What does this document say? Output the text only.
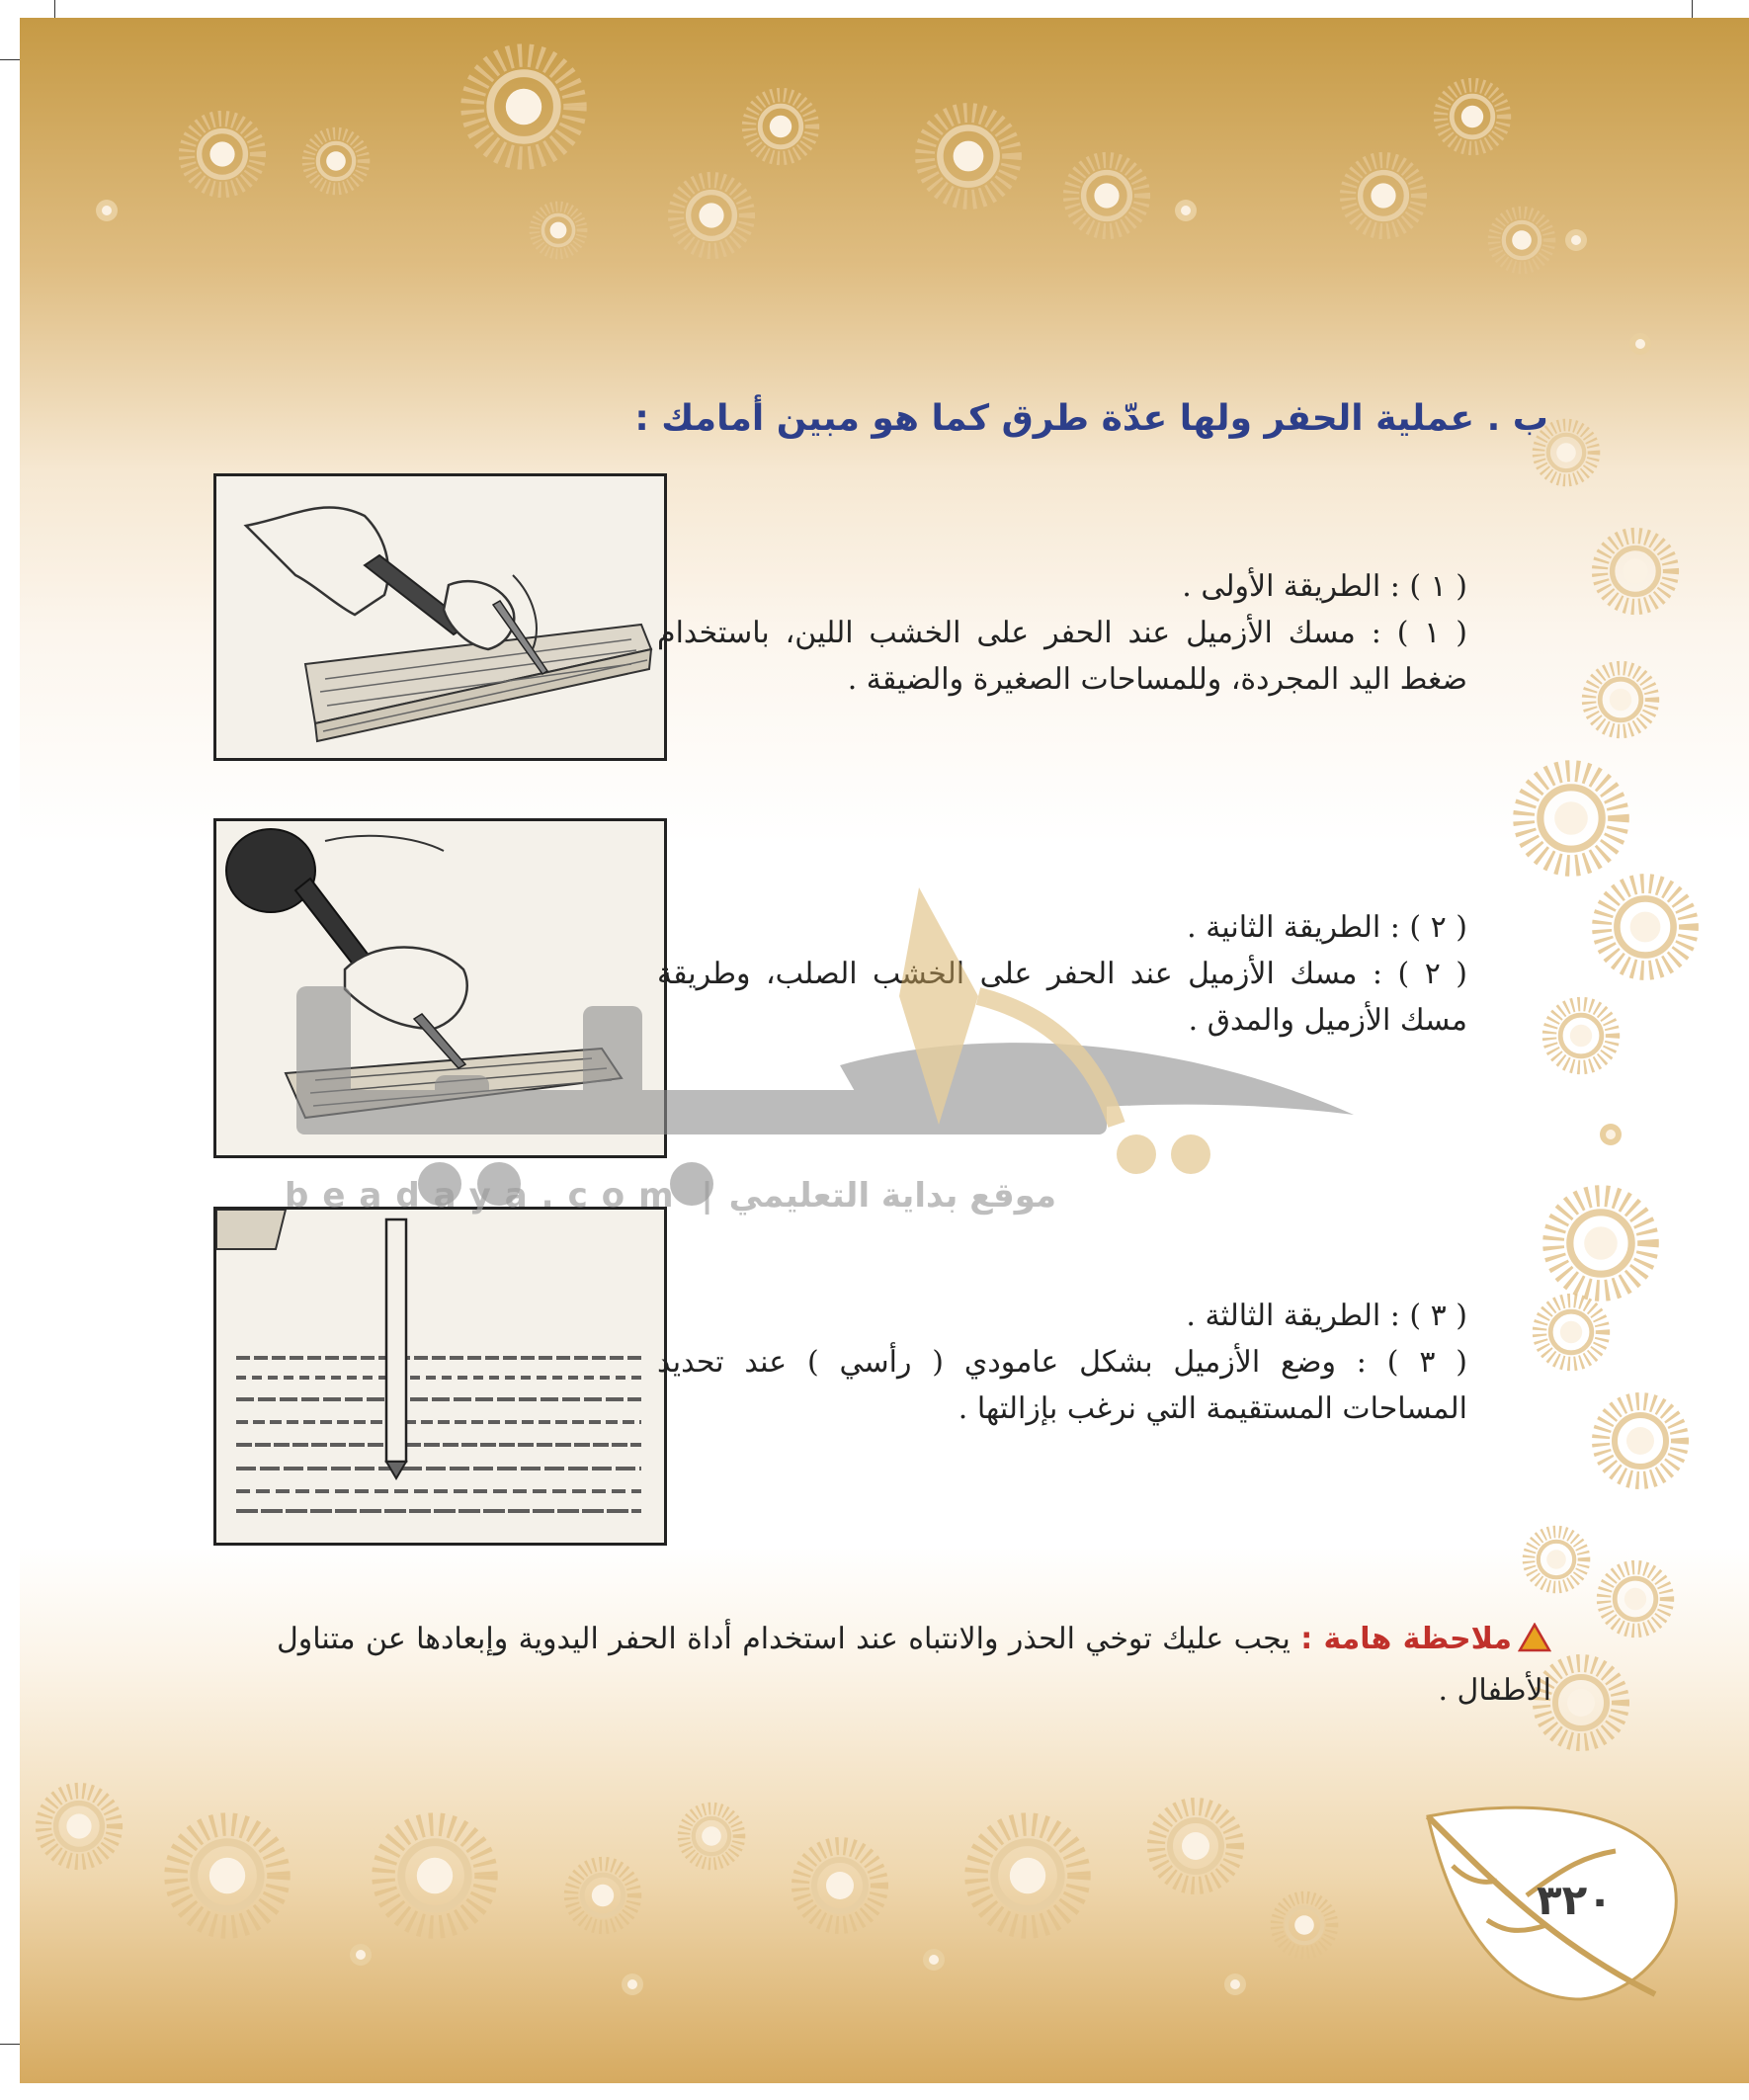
ب . عملية الحفر ولها عدّة طرق كما هو مبين أمامك :

( ١ ) : الطريقة الأولى .

( ١ ) : مسك الأزميل عند الحفر على الخشب اللين، باستخدام ضغط اليد المجردة، وللمساحات الصغيرة والضيقة .

( ٢ ) : الطريقة الثانية .

( ٢ ) : مسك الأزميل عند الحفر على الخشب الصلب، وطريقة مسك الأزميل والمدق .

( ٣ ) : الطريقة الثالثة .

( ٣ ) : وضع الأزميل بشكل عامودي ( رأسي ) عند تحديد المساحات المستقيمة التي نرغب بإزالتها .

beadaya.com | موقع بداية التعليمي
ملاحظة هامة : يجب عليك توخي الحذر والانتباه عند استخدام أداة الحفر اليدوية وإبعادها عن متناول الأطفال .
٣٢٠
